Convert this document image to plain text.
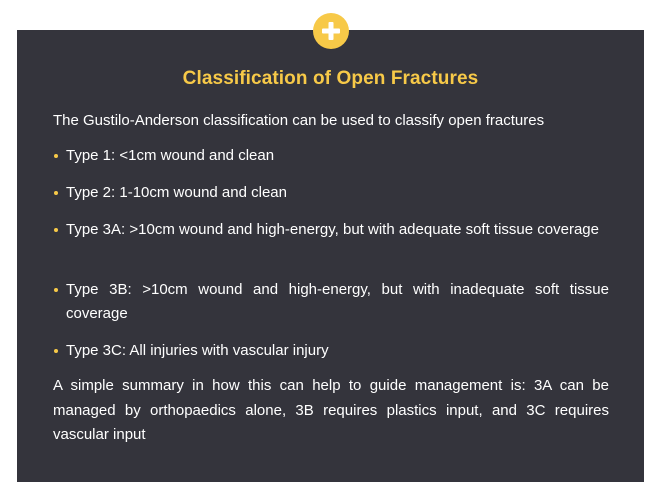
Classification of Open Fractures

The Gustilo-Anderson classification can be used to classify open fractures

Type 1: <1cm wound and clean
Type 2: 1-10cm wound and clean
Type 3A: >10cm wound and high-energy, but with adequate soft tissue coverage
Type 3B: >10cm wound and high-energy, but with inadequate soft tissue coverage
Type 3C: All injuries with vascular injury

A simple summary in how this can help to guide management is: 3A can be managed by orthopaedics alone, 3B requires plastics input, and 3C requires vascular input
